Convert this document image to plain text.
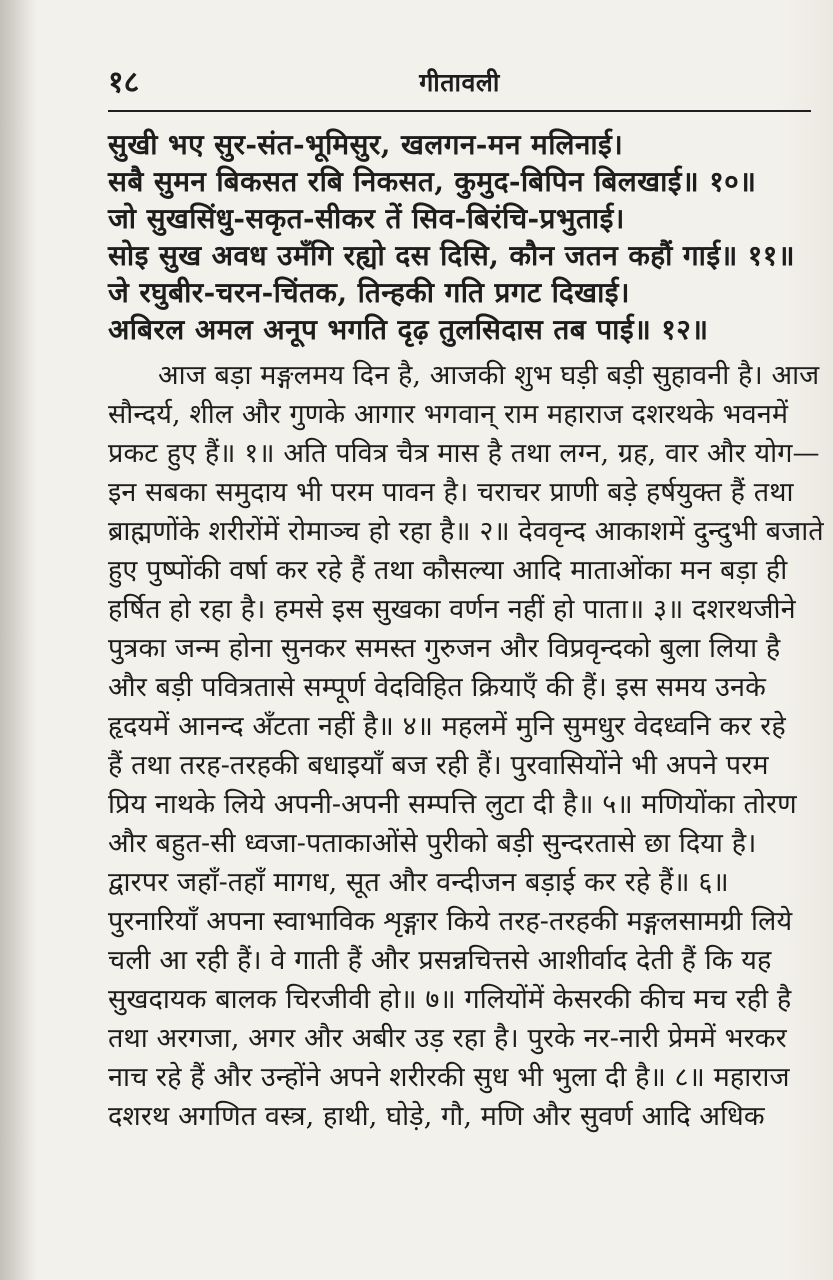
१८	गीतावली

सुखी भए सुर-संत-भूमिसुर, खलगन-मन मलिनाई।

सबै सुमन बिकसत रबि निकसत, कुमुद-बिपिन बिलखाई॥ १०॥

जो सुखसिंधु-सकृत-सीकर तें सिव-बिरंचि-प्रभुताई।

सोइ सुख अवध उमँगि रह्यो दस दिसि, कौन जतन कहौं गाई॥ ११॥

जे रघुबीर-चरन-चिंतक, तिन्हकी गति प्रगट दिखाई।

अबिरल अमल अनूप भगति दृढ़ तुलसिदास तब पाई॥ १२॥

आज बड़ा मङ्गलमय दिन है, आजकी शुभ घड़ी बड़ी सुहावनी है। आज

सौन्दर्य, शील और गुणके आगार भगवान् राम महाराज दशरथके भवनमें

प्रकट हुए हैं॥ १॥ अति पवित्र चैत्र मास है तथा लग्न, ग्रह, वार और योग—

इन सबका समुदाय भी परम पावन है। चराचर प्राणी बड़े हर्षयुक्त हैं तथा

ब्राह्मणोंके शरीरोंमें रोमाञ्च हो रहा है॥ २॥ देववृन्द आकाशमें दुन्दुभी बजाते

हुए पुष्पोंकी वर्षा कर रहे हैं तथा कौसल्या आदि माताओंका मन बड़ा ही

हर्षित हो रहा है। हमसे इस सुखका वर्णन नहीं हो पाता॥ ३॥ दशरथजीने

पुत्रका जन्म होना सुनकर समस्त गुरुजन और विप्रवृन्दको बुला लिया है

और बड़ी पवित्रतासे सम्पूर्ण वेदविहित क्रियाएँ की हैं। इस समय उनके

हृदयमें आनन्द अँटता नहीं है॥ ४॥ महलमें मुनि सुमधुर वेदध्वनि कर रहे

हैं तथा तरह-तरहकी बधाइयाँ बज रही हैं। पुरवासियोंने भी अपने परम

प्रिय नाथके लिये अपनी-अपनी सम्पत्ति लुटा दी है॥ ५॥ मणियोंका तोरण

और बहुत-सी ध्वजा-पताकाओंसे पुरीको बड़ी सुन्दरतासे छा दिया है।

द्वारपर जहाँ-तहाँ मागध, सूत और वन्दीजन बड़ाई कर रहे हैं॥ ६॥

पुरनारियाँ अपना स्वाभाविक शृङ्गार किये तरह-तरहकी मङ्गलसामग्री लिये

चली आ रही हैं। वे गाती हैं और प्रसन्नचित्तसे आशीर्वाद देती हैं कि यह

सुखदायक बालक चिरजीवी हो॥ ७॥ गलियोंमें केसरकी कीच मच रही है

तथा अरगजा, अगर और अबीर उड़ रहा है। पुरके नर-नारी प्रेममें भरकर

नाच रहे हैं और उन्होंने अपने शरीरकी सुध भी भुला दी है॥ ८॥ महाराज

दशरथ अगणित वस्त्र, हाथी, घोड़े, गौ, मणि और सुवर्ण आदि अधिक
